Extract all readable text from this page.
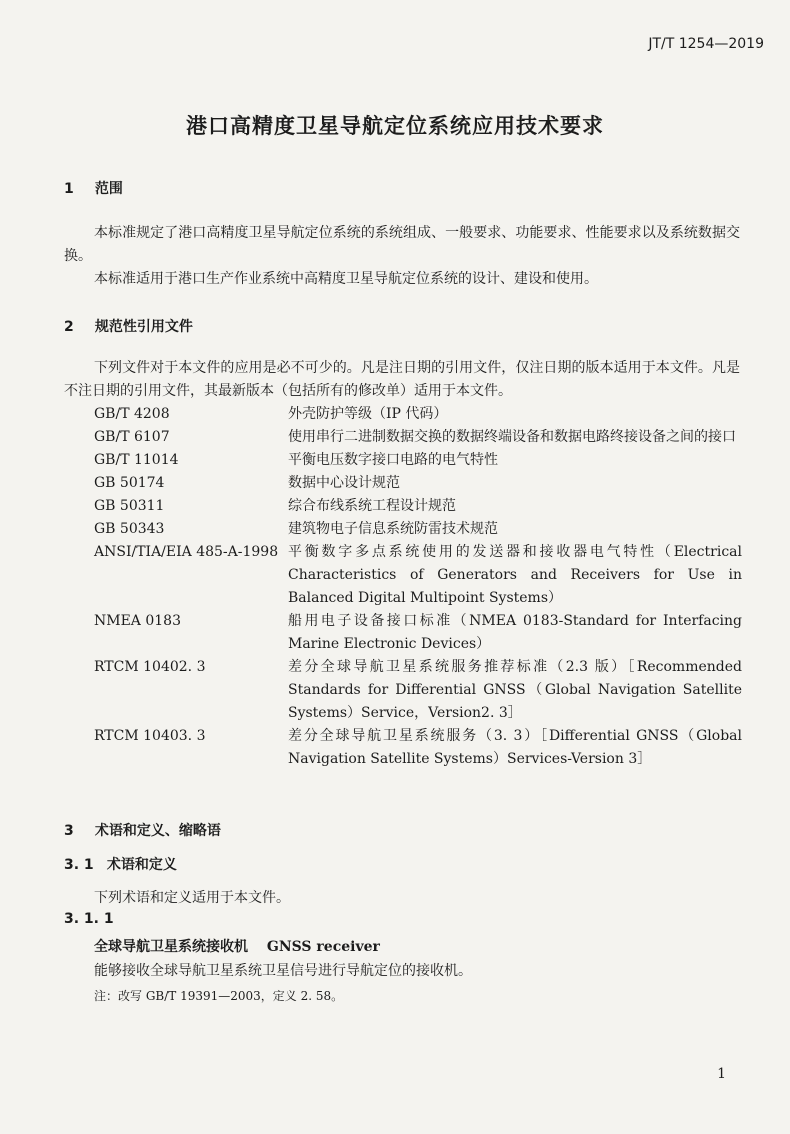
JT/T 1254—2019
港口高精度卫星导航定位系统应用技术要求
1 范围
本标准规定了港口高精度卫星导航定位系统的系统组成、一般要求、功能要求、性能要求以及系统数据交换。
本标准适用于港口生产作业系统中高精度卫星导航定位系统的设计、建设和使用。
2 规范性引用文件
下列文件对于本文件的应用是必不可少的。凡是注日期的引用文件，仅注日期的版本适用于本文件。凡是不注日期的引用文件，其最新版本（包括所有的修改单）适用于本文件。
GB/T 4208	外壳防护等级（IP 代码）
GB/T 6107	使用串行二进制数据交换的数据终端设备和数据电路终接设备之间的接口
GB/T 11014	平衡电压数字接口电路的电气特性
GB 50174	数据中心设计规范
GB 50311	综合布线系统工程设计规范
GB 50343	建筑物电子信息系统防雷技术规范
ANSI/TIA/EIA 485-A-1998 平衡数字多点系统使用的发送器和接收器电气特性（Electrical Characteristics of Generators and Receivers for Use in Balanced Digital Multipoint Systems）
NMEA 0183	船用电子设备接口标准（NMEA 0183-Standard for Interfacing Marine Electronic Devices）
RTCM 10402. 3	差分全球导航卫星系统服务推荐标准（2.3 版）［Recommended Standards for Differential GNSS（Global Navigation Satellite Systems）Service，Version2. 3］
RTCM 10403. 3	差分全球导航卫星系统服务（3. 3）［Differential GNSS（Global Navigation Satellite Systems）Services-Version 3］
3 术语和定义、缩略语
3. 1 术语和定义
下列术语和定义适用于本文件。
3. 1. 1
全球导航卫星系统接收机 GNSS receiver
能够接收全球导航卫星系统卫星信号进行导航定位的接收机。
注：改写 GB/T 19391—2003，定义 2. 58。
1
